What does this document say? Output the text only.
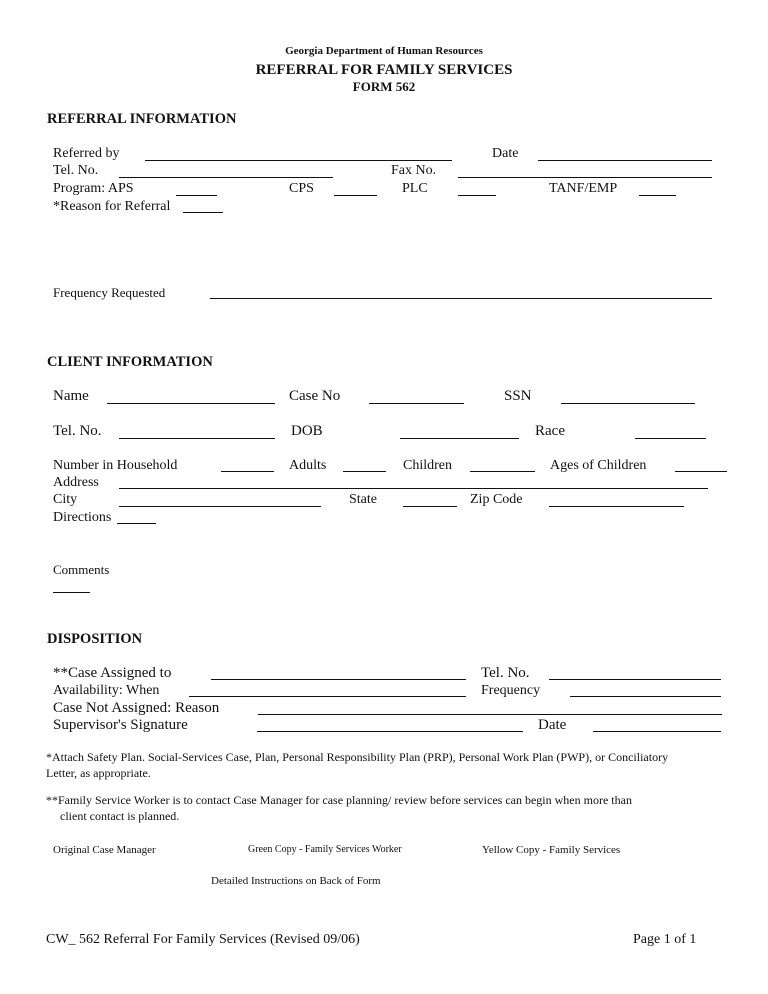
Georgia Department of Human Resources
REFERRAL FOR FAMILY SERVICES
FORM 562
REFERRAL INFORMATION
Referred by	Date
Tel. No.	Fax No.
Program: APS	CPS	PLC	TANF/EMP
*Reason for Referral
Frequency Requested
CLIENT INFORMATION
Name	Case No	SSN
Tel. No.	DOB	Race
Number in Household	Adults	Children	Ages of Children
Address
City	State	Zip Code
Directions
Comments
DISPOSITION
**Case Assigned to	Tel. No.
Availability: When	Frequency
Case Not Assigned: Reason
Supervisor's Signature	Date
*Attach Safety Plan. Social-Services Case, Plan, Personal Responsibility Plan (PRP), Personal Work Plan (PWP), or Conciliatory
Letter, as appropriate.
**Family Service Worker is to contact Case Manager for case planning/ review before services can begin when more than
client contact is planned.
Original Case Manager	Green Copy - Family Services Worker	Yellow Copy - Family Services
Detailed Instructions on Back of Form
CW_ 562 Referral For Family Services (Revised 09/06)	Page 1 of 1
